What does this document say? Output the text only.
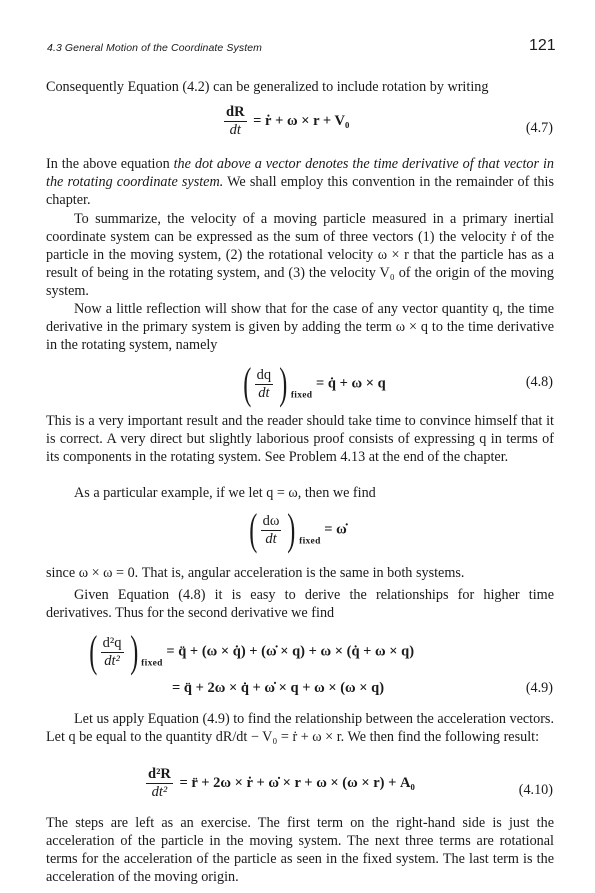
4.3 General Motion of the Coordinate System	121

Consequently Equation (4.2) can be generalized to include rotation by writing

$\frac{dR}{dt}$ = ṙ + ω × r + V₀	(4.7)

In the above equation the dot above a vector denotes the time derivative of that vector in the rotating coordinate system. We shall employ this convention in the remainder of this chapter.

To summarize, the velocity of a moving particle measured in a primary inertial coordinate system can be expressed as the sum of three vectors (1) the velocity ṙ of the particle in the moving system, (2) the rotational velocity ω × r that the particle has as a result of being in the rotating system, and (3) the velocity V₀ of the origin of the moving system.

Now a little reflection will show that for the case of any vector quantity q, the time derivative in the primary system is given by adding the term ω × q to the time derivative in the rotating system, namely

( $\frac{dq}{dt}$ ) $_{fixed}$ = q̇ + ω × q	(4.8)

This is a very important result and the reader should take time to convince himself that it is correct. A very direct but slightly laborious proof consists of expressing q in terms of its components in the rotating system. See Problem 4.13 at the end of the chapter.

As a particular example, if we let q = ω, then we find

( $\frac{d\omega}{dt}$ ) $_{fixed}$ = ω̇

since ω × ω = 0. That is, angular acceleration is the same in both systems.

Given Equation (4.8) it is easy to derive the relationships for higher time derivatives. Thus for the second derivative we find

( $\frac{\text{d²q}}{\text{dt²}}$ ) $_{fixed}$ = q̈ + (ω × q̇) + (ω̇ × q) + ω × (q̇ + ω × q)
= q̈ + 2ω × q̇ + ω̇ × q + ω × (ω × q)	(4.9)

Let us apply Equation (4.9) to find the relationship between the acceleration vectors. Let q be equal to the quantity dR/dt − V₀ = ṙ + ω × r. We then find the following result:

$\frac{\text{d²R}}{\text{dt²}}$ = r̈ + 2ω × ṙ + ω̇ × r + ω × (ω × r) + A₀	(4.10)

The steps are left as an exercise. The first term on the right-hand side is just the acceleration of the particle in the moving system. The next three terms are rotational terms for the acceleration of the particle as seen in the fixed system. The last term is the acceleration of the moving origin.
